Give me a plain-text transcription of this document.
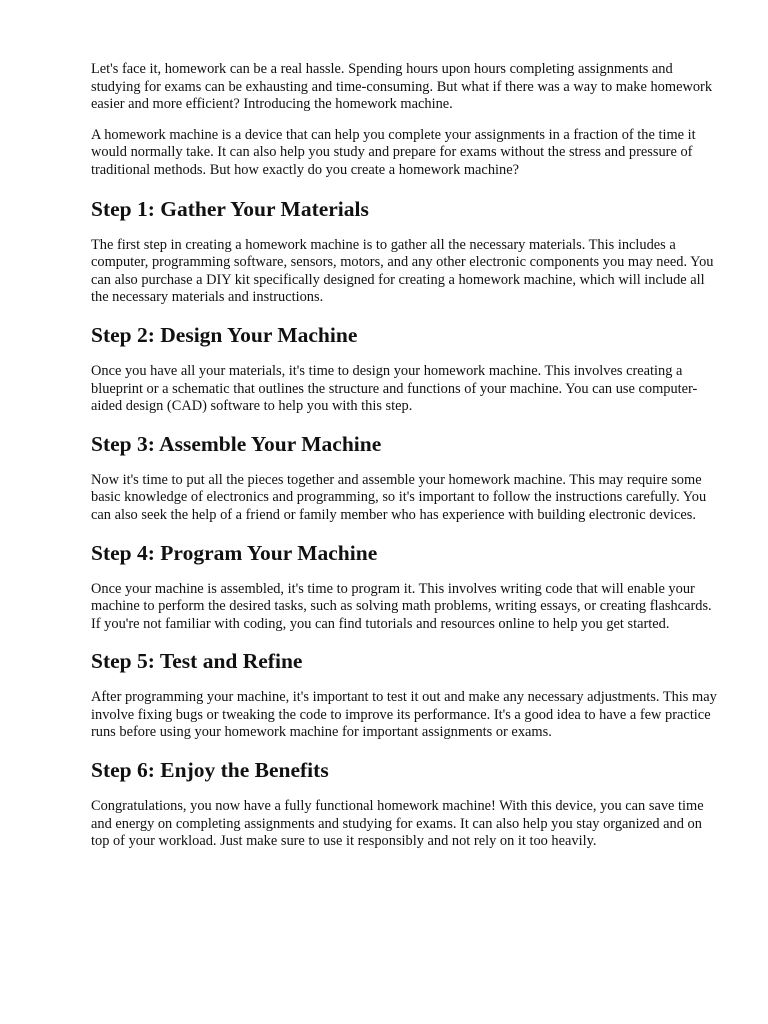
Let's face it, homework can be a real hassle. Spending hours upon hours completing assignments and studying for exams can be exhausting and time-consuming. But what if there was a way to make homework easier and more efficient? Introducing the homework machine.

A homework machine is a device that can help you complete your assignments in a fraction of the time it would normally take. It can also help you study and prepare for exams without the stress and pressure of traditional methods. But how exactly do you create a homework machine?

Step 1: Gather Your Materials

The first step in creating a homework machine is to gather all the necessary materials. This includes a computer, programming software, sensors, motors, and any other electronic components you may need. You can also purchase a DIY kit specifically designed for creating a homework machine, which will include all the necessary materials and instructions.

Step 2: Design Your Machine

Once you have all your materials, it's time to design your homework machine. This involves creating a blueprint or a schematic that outlines the structure and functions of your machine. You can use computer-aided design (CAD) software to help you with this step.

Step 3: Assemble Your Machine

Now it's time to put all the pieces together and assemble your homework machine. This may require some basic knowledge of electronics and programming, so it's important to follow the instructions carefully. You can also seek the help of a friend or family member who has experience with building electronic devices.

Step 4: Program Your Machine

Once your machine is assembled, it's time to program it. This involves writing code that will enable your machine to perform the desired tasks, such as solving math problems, writing essays, or creating flashcards. If you're not familiar with coding, you can find tutorials and resources online to help you get started.

Step 5: Test and Refine

After programming your machine, it's important to test it out and make any necessary adjustments. This may involve fixing bugs or tweaking the code to improve its performance. It's a good idea to have a few practice runs before using your homework machine for important assignments or exams.

Step 6: Enjoy the Benefits

Congratulations, you now have a fully functional homework machine! With this device, you can save time and energy on completing assignments and studying for exams. It can also help you stay organized and on top of your workload. Just make sure to use it responsibly and not rely on it too heavily.
